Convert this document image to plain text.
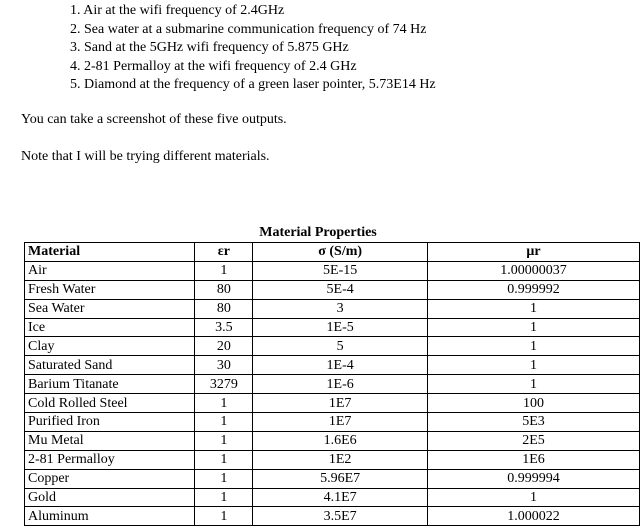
1. Air at the wifi frequency of 2.4GHz
2. Sea water at a submarine communication frequency of 74 Hz
3. Sand at the 5GHz wifi frequency of 5.875 GHz
4. 2-81 Permalloy at the wifi frequency of 2.4 GHz
5. Diamond at the frequency of a green laser pointer, 5.73E14 Hz

You can take a screenshot of these five outputs.

Note that I will be trying different materials.

Material Properties
Material	εr	σ (S/m)	μr
Air	1	5E-15	1.00000037
Fresh Water	80	5E-4	0.999992
Sea Water	80	3	1
Ice	3.5	1E-5	1
Clay	20	5	1
Saturated Sand	30	1E-4	1
Barium Titanate	3279	1E-6	1
Cold Rolled Steel	1	1E7	100
Purified Iron	1	1E7	5E3
Mu Metal	1	1.6E6	2E5
2-81 Permalloy	1	1E2	1E6
Copper	1	5.96E7	0.999994
Gold	1	4.1E7	1
Aluminum	1	3.5E7	1.000022
